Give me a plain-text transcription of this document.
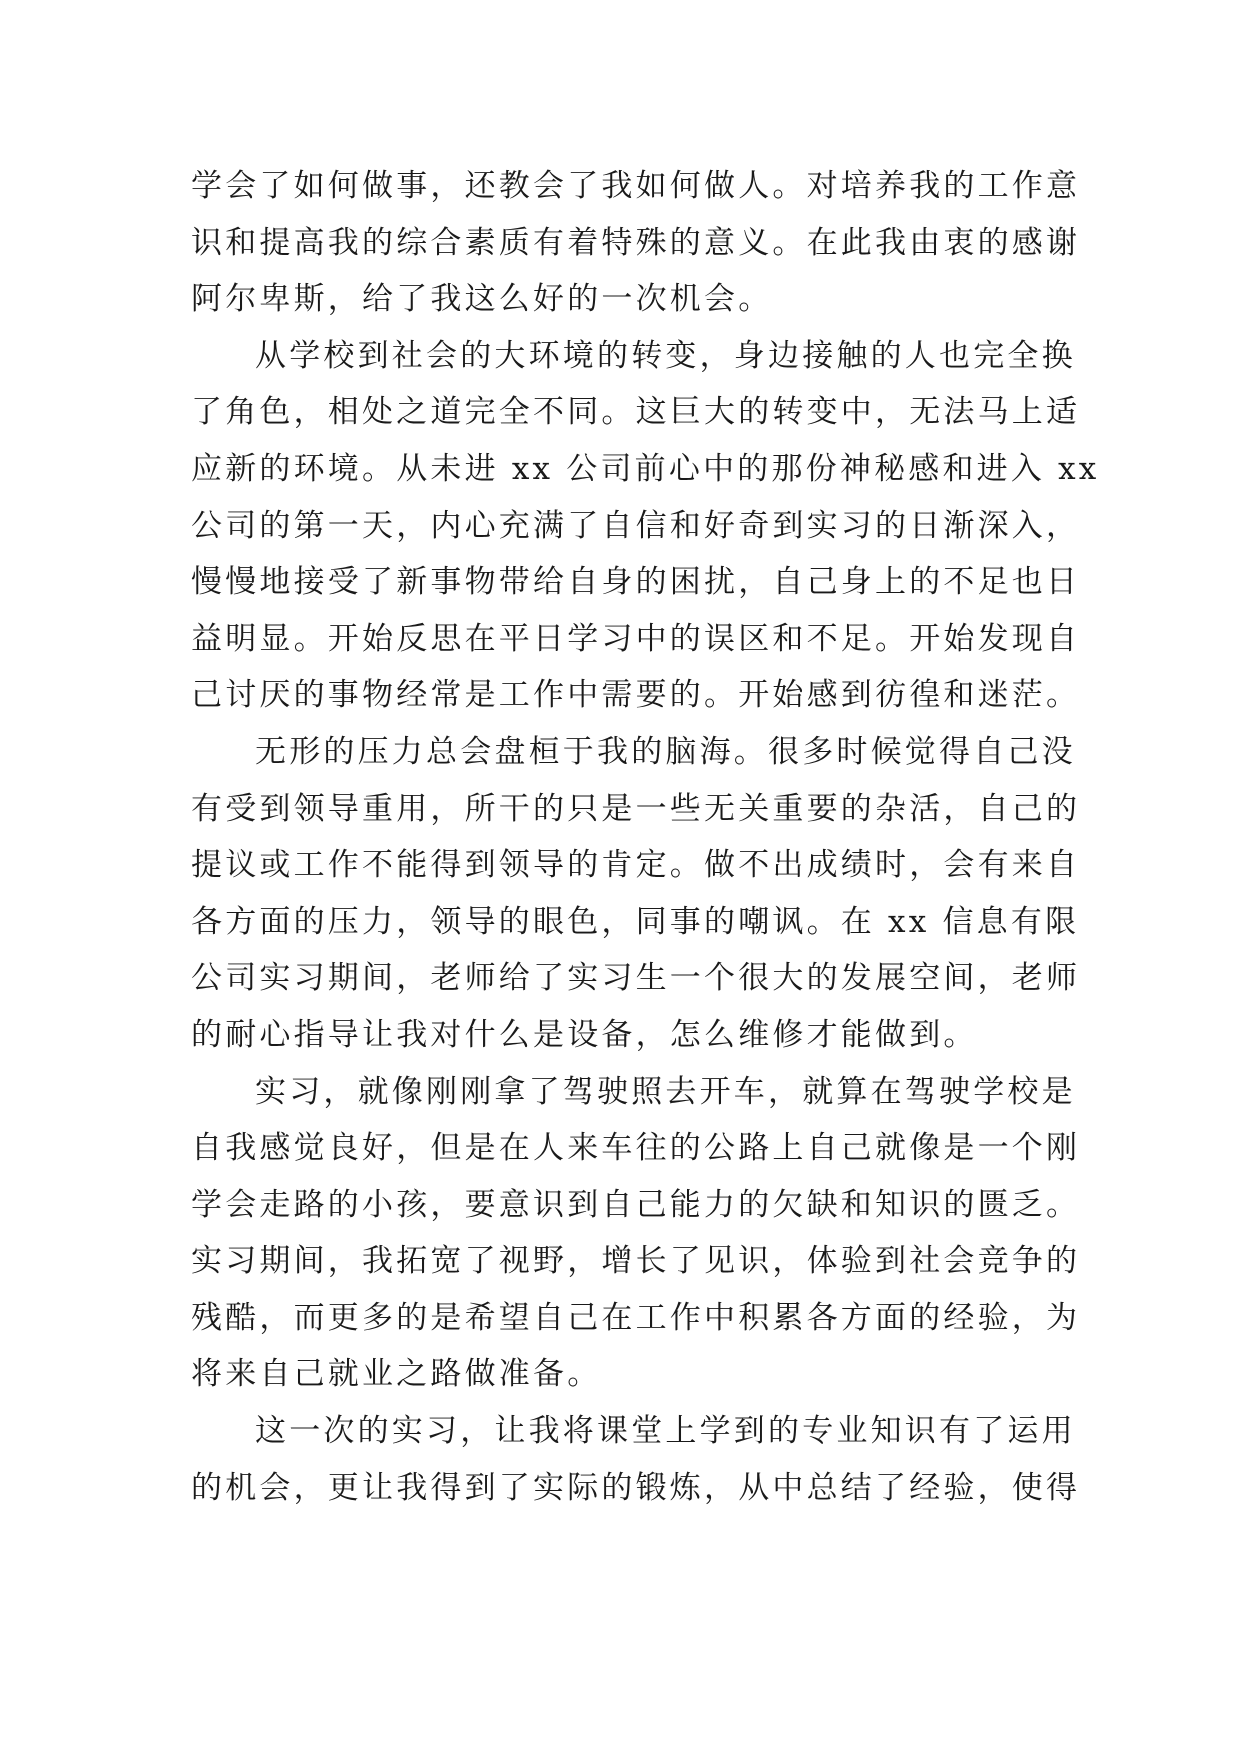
学会了如何做事，还教会了我如何做人。对培养我的工作意
识和提高我的综合素质有着特殊的意义。在此我由衷的感谢
阿尔卑斯，给了我这么好的一次机会。
从学校到社会的大环境的转变，身边接触的人也完全换
了角色，相处之道完全不同。这巨大的转变中，无法马上适
应新的环境。从未进 xx 公司前心中的那份神秘感和进入 xx
公司的第一天，内心充满了自信和好奇到实习的日渐深入，
慢慢地接受了新事物带给自身的困扰，自己身上的不足也日
益明显。开始反思在平日学习中的误区和不足。开始发现自
己讨厌的事物经常是工作中需要的。开始感到彷徨和迷茫。
无形的压力总会盘桓于我的脑海。很多时候觉得自己没
有受到领导重用，所干的只是一些无关重要的杂活，自己的
提议或工作不能得到领导的肯定。做不出成绩时，会有来自
各方面的压力，领导的眼色，同事的嘲讽。在 xx 信息有限
公司实习期间，老师给了实习生一个很大的发展空间，老师
的耐心指导让我对什么是设备，怎么维修才能做到。
实习，就像刚刚拿了驾驶照去开车，就算在驾驶学校是
自我感觉良好，但是在人来车往的公路上自己就像是一个刚
学会走路的小孩，要意识到自己能力的欠缺和知识的匮乏。
实习期间，我拓宽了视野，增长了见识，体验到社会竞争的
残酷，而更多的是希望自己在工作中积累各方面的经验，为
将来自己就业之路做准备。
这一次的实习，让我将课堂上学到的专业知识有了运用
的机会，更让我得到了实际的锻炼，从中总结了经验，使得
